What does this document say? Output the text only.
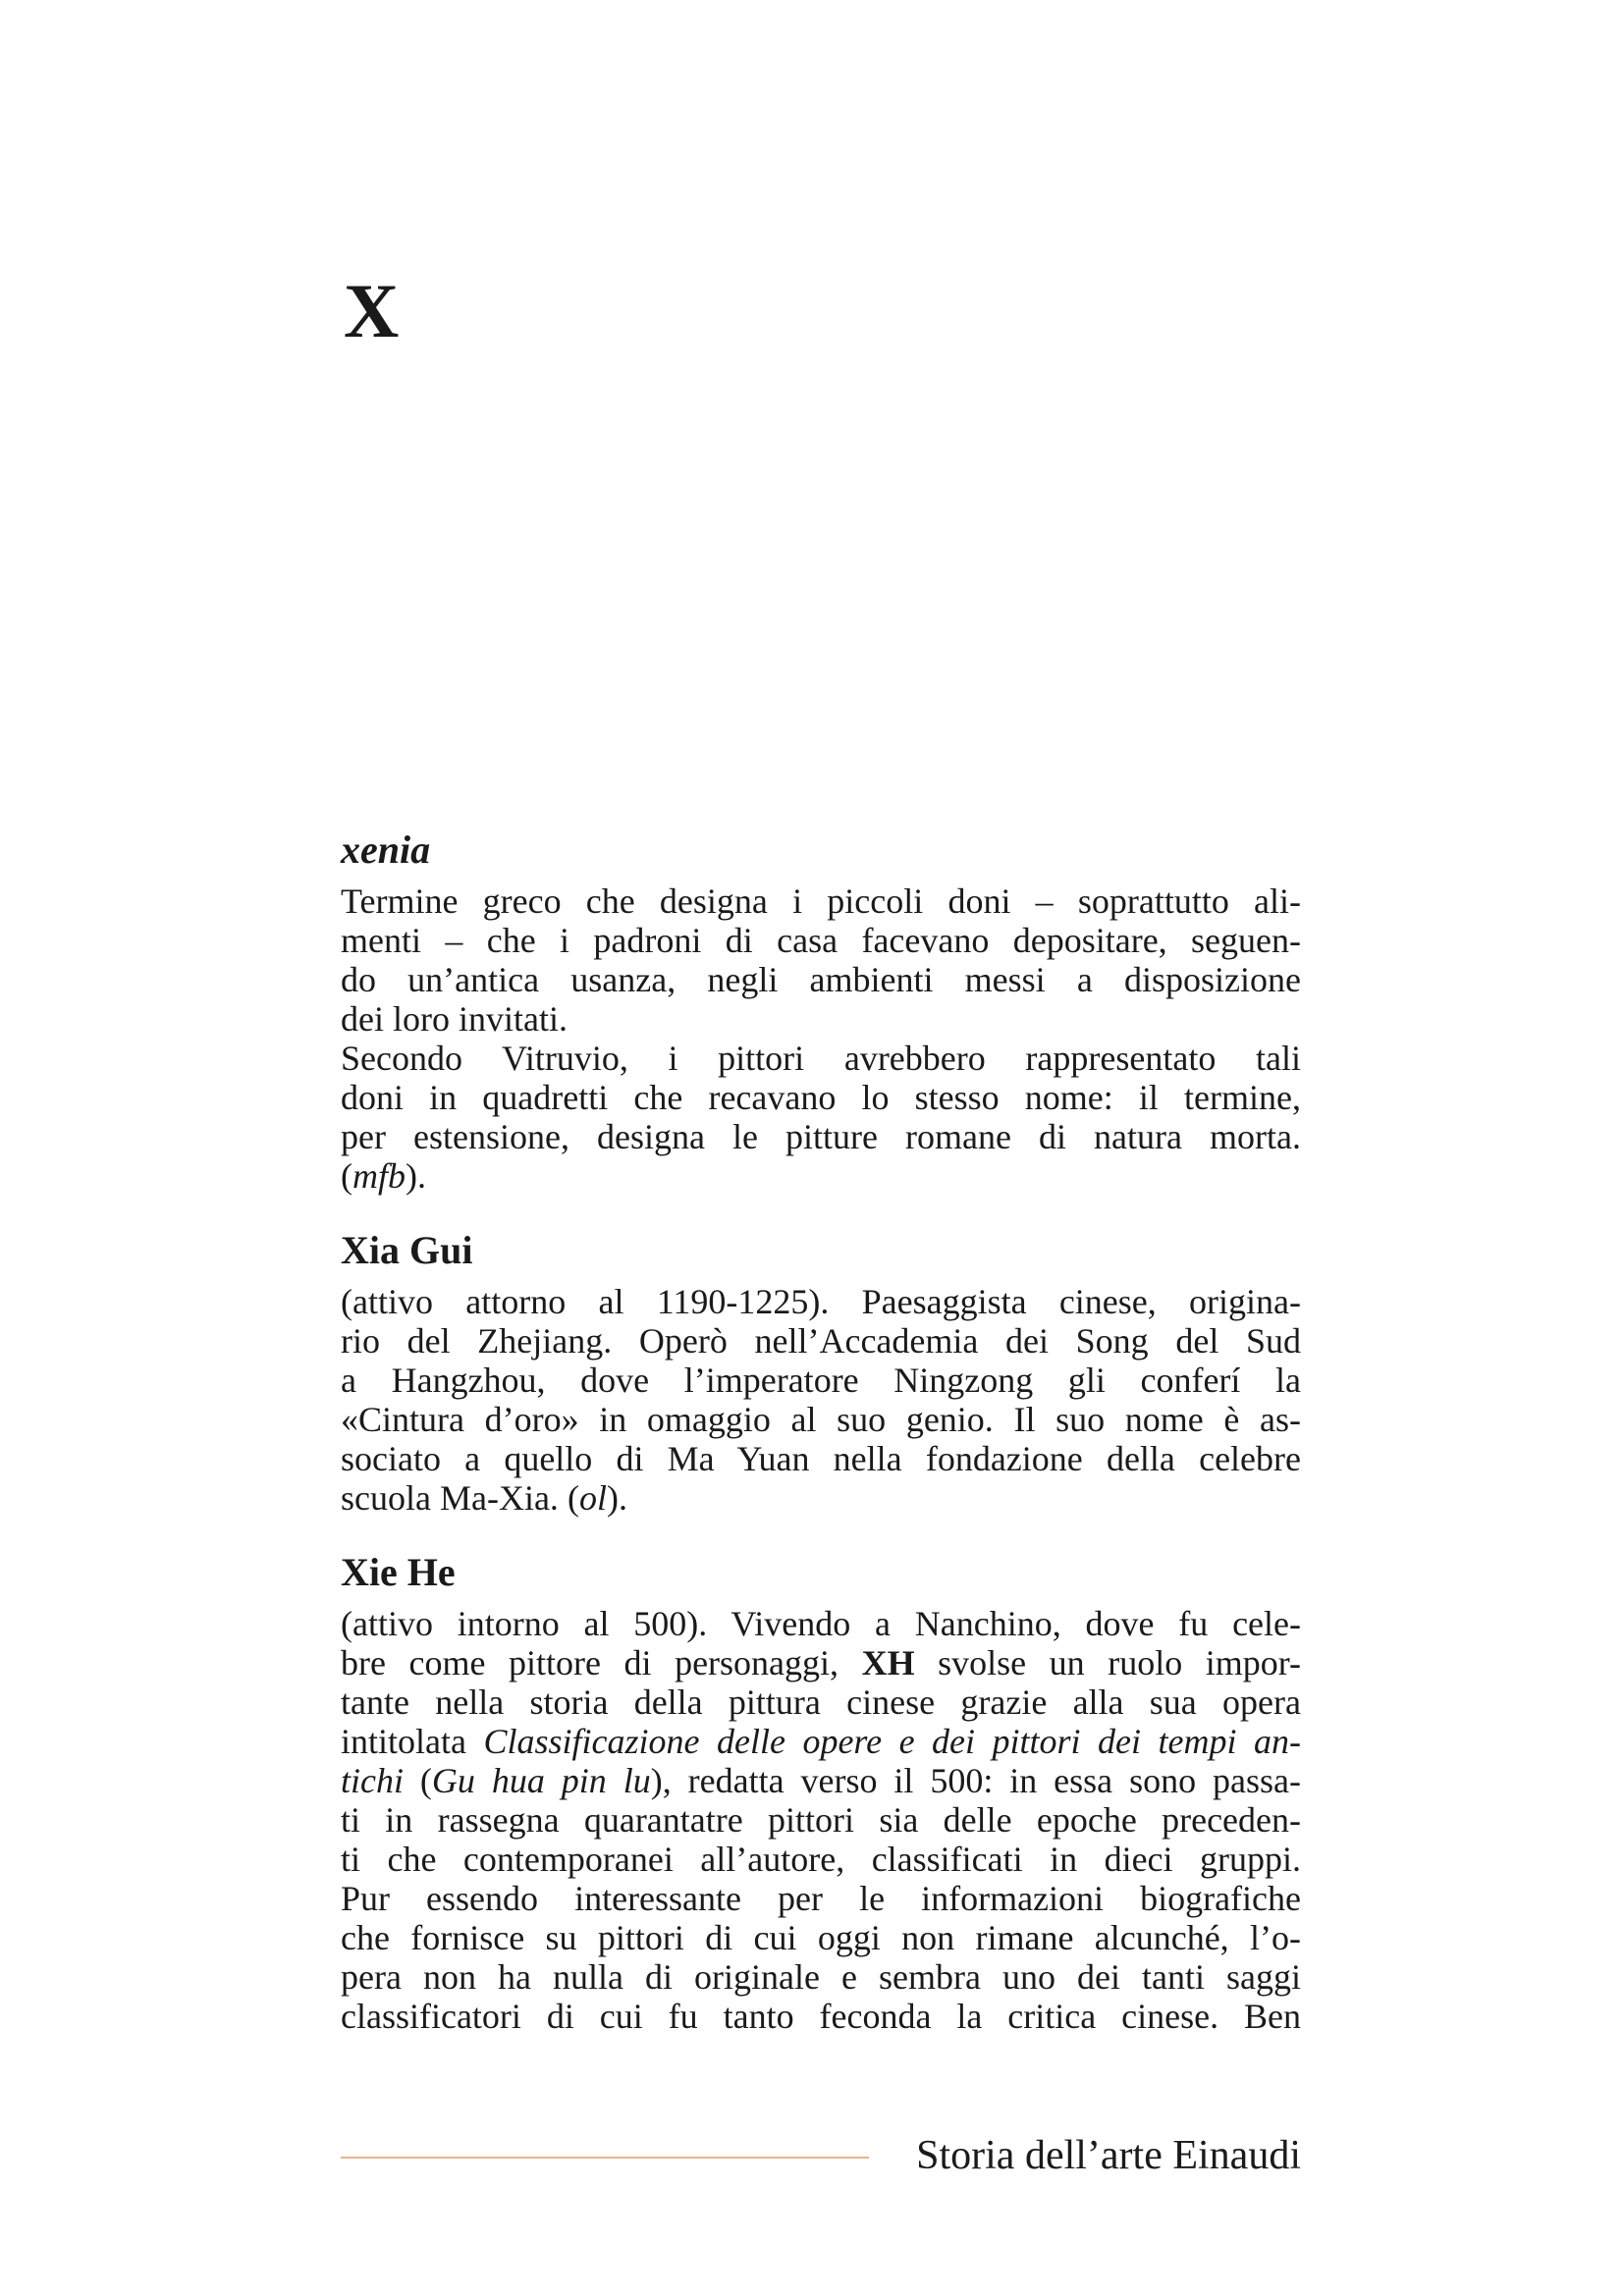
X
xenia

Termine greco che designa i piccoli doni – soprattutto ali-
menti – che i padroni di casa facevano depositare, seguen-
do un’antica usanza, negli ambienti messi a disposizione
dei loro invitati.

Secondo Vitruvio, i pittori avrebbero rappresentato tali
doni in quadretti che recavano lo stesso nome: il termine,
per estensione, designa le pitture romane di natura morta.
(mfb).

Xia Gui

(attivo attorno al 1190-1225). Paesaggista cinese, origina-
rio del Zhejiang. Operò nell’Accademia dei Song del Sud
a Hangzhou, dove l’imperatore Ningzong gli conferí la
«Cintura d’oro» in omaggio al suo genio. Il suo nome è as-
sociato a quello di Ma Yuan nella fondazione della celebre
scuola Ma-Xia. (ol).

Xie He

(attivo intorno al 500). Vivendo a Nanchino, dove fu cele-
bre come pittore di personaggi, XH svolse un ruolo impor-
tante nella storia della pittura cinese grazie alla sua opera
intitolata Classificazione delle opere e dei pittori dei tempi an-
tichi (Gu hua pin lu), redatta verso il 500: in essa sono passa-
ti in rassegna quarantatre pittori sia delle epoche preceden-
ti che contemporanei all’autore, classificati in dieci gruppi.
Pur essendo interessante per le informazioni biografiche
che fornisce su pittori di cui oggi non rimane alcunché, l’o-
pera non ha nulla di originale e sembra uno dei tanti saggi
classificatori di cui fu tanto feconda la critica cinese. Ben

Storia dell’arte Einaudi
